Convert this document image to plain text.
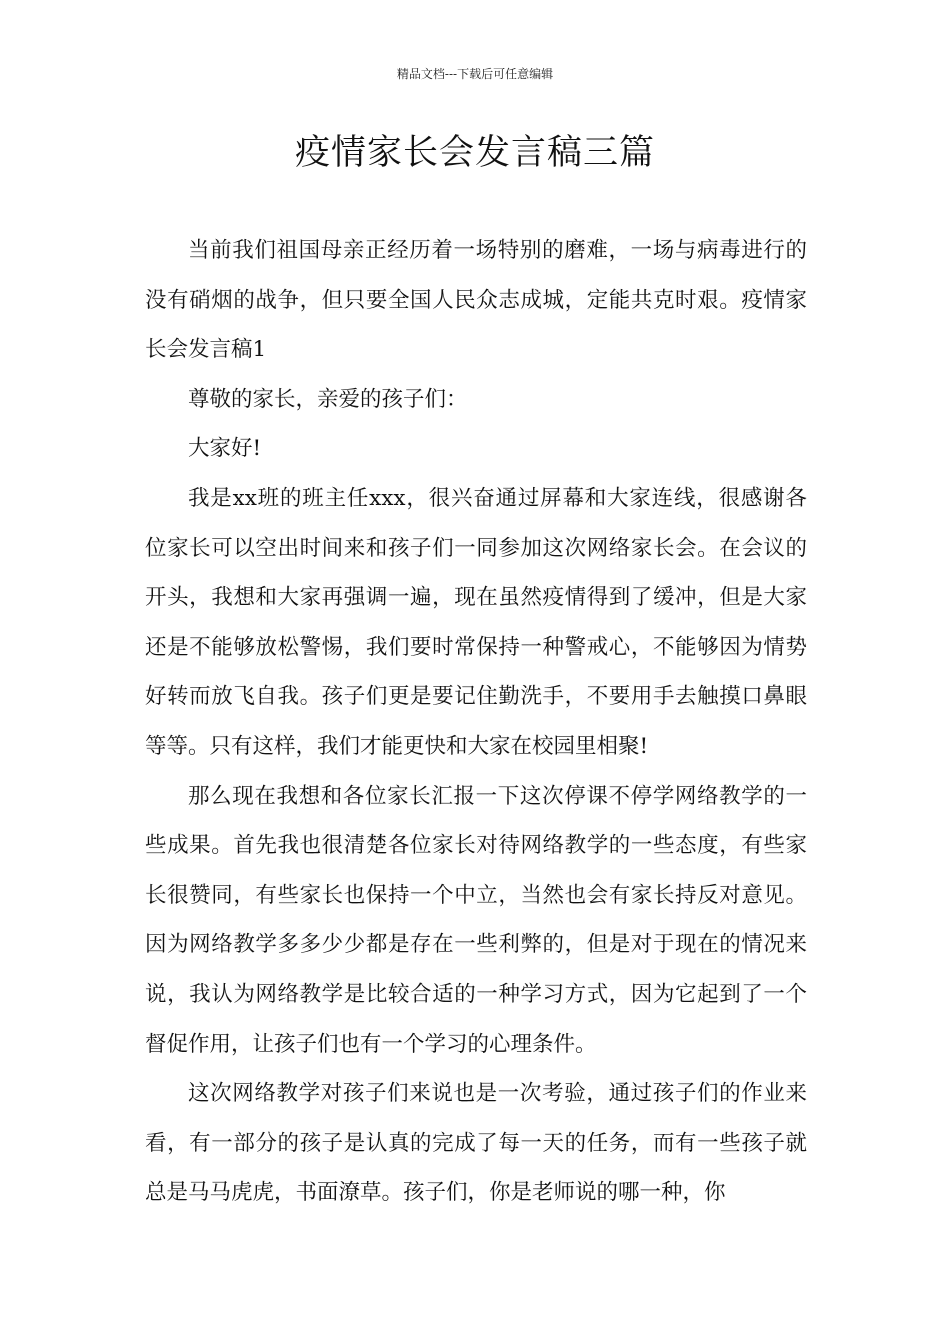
精品文档---下载后可任意编辑
疫情家长会发言稿三篇

当前我们祖国母亲正经历着一场特别的磨难，一场与病毒进行的没有硝烟的战争，但只要全国人民众志成城，定能共克时艰。疫情家长会发言稿1

尊敬的家长，亲爱的孩子们：

大家好!

我是xx班的班主任xxx，很兴奋通过屏幕和大家连线，很感谢各位家长可以空出时间来和孩子们一同参加这次网络家长会。在会议的开头，我想和大家再强调一遍，现在虽然疫情得到了缓冲，但是大家还是不能够放松警惕，我们要时常保持一种警戒心，不能够因为情势好转而放飞自我。孩子们更是要记住勤洗手，不要用手去触摸口鼻眼等等。只有这样，我们才能更快和大家在校园里相聚!

那么现在我想和各位家长汇报一下这次停课不停学网络教学的一些成果。首先我也很清楚各位家长对待网络教学的一些态度，有些家长很赞同，有些家长也保持一个中立，当然也会有家长持反对意见。因为网络教学多多少少都是存在一些利弊的，但是对于现在的情况来说，我认为网络教学是比较合适的一种学习方式，因为它起到了一个督促作用，让孩子们也有一个学习的心理条件。

这次网络教学对孩子们来说也是一次考验，通过孩子们的作业来看，有一部分的孩子是认真的完成了每一天的任务，而有一些孩子就总是马马虎虎，书面潦草。孩子们，你是老师说的哪一种，你
